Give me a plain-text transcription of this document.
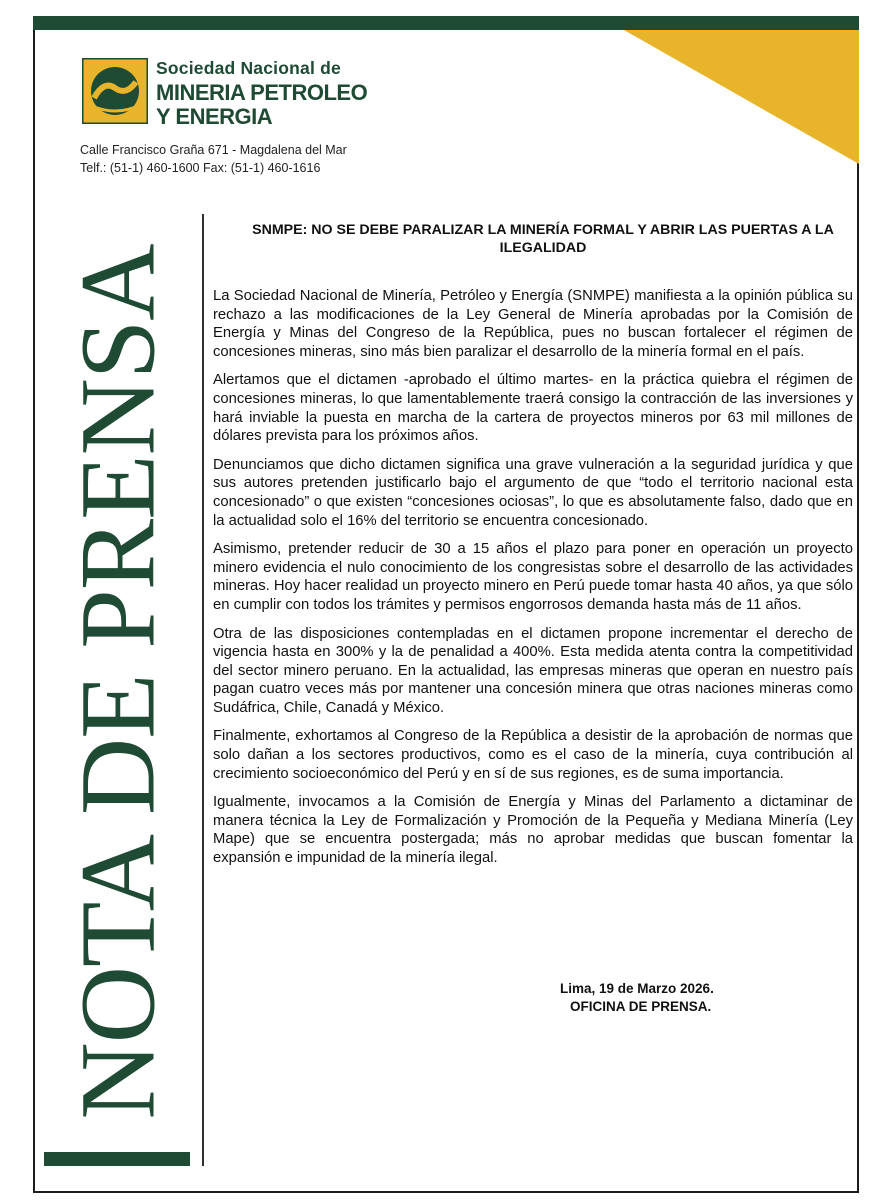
Sociedad Nacional de
MINERIA PETROLEO
Y ENERGIA
Calle Francisco Graña 671 - Magdalena del Mar
Telf.: (51-1) 460-1600 Fax: (51-1) 460-1616
NOTA DE PRENSA
SNMPE: NO SE DEBE PARALIZAR LA MINERÍA FORMAL Y ABRIR LAS PUERTAS A LA ILEGALIDAD

La Sociedad Nacional de Minería, Petróleo y Energía (SNMPE) manifiesta a la opinión pública su rechazo a las modificaciones de la Ley General de Minería aprobadas por la Comisión de Energía y Minas del Congreso de la República, pues no buscan fortalecer el régimen de concesiones mineras, sino más bien paralizar el desarrollo de la minería formal en el país.

Alertamos que el dictamen -aprobado el último martes- en la práctica quiebra el régimen de concesiones mineras, lo que lamentablemente traerá consigo la contracción de las inversiones y hará inviable la puesta en marcha de la cartera de proyectos mineros por 63 mil millones de dólares prevista para los próximos años.

Denunciamos que dicho dictamen significa una grave vulneración a la seguridad jurídica y que sus autores pretenden justificarlo bajo el argumento de que “todo el territorio nacional esta concesionado” o que existen “concesiones ociosas”, lo que es absolutamente falso, dado que en la actualidad solo el 16% del territorio se encuentra concesionado.

Asimismo, pretender reducir de 30 a 15 años el plazo para poner en operación un proyecto minero evidencia el nulo conocimiento de los congresistas sobre el desarrollo de las actividades mineras. Hoy hacer realidad un proyecto minero en Perú puede tomar hasta 40 años, ya que sólo en cumplir con todos los trámites y permisos engorrosos demanda hasta más de 11 años.

Otra de las disposiciones contempladas en el dictamen propone incrementar el derecho de vigencia hasta en 300% y la de penalidad a 400%. Esta medida atenta contra la competitividad del sector minero peruano. En la actualidad, las empresas mineras que operan en nuestro país pagan cuatro veces más por mantener una concesión minera que otras naciones mineras como Sudáfrica, Chile, Canadá y México.

Finalmente, exhortamos al Congreso de la República a desistir de la aprobación de normas que solo dañan a los sectores productivos, como es el caso de la minería, cuya contribución al crecimiento socioeconómico del Perú y en sí de sus regiones, es de suma importancia.

Igualmente, invocamos a la Comisión de Energía y Minas del Parlamento a dictaminar de manera técnica la Ley de Formalización y Promoción de la Pequeña y Mediana Minería (Ley Mape) que se encuentra postergada; más no aprobar medidas que buscan fomentar la expansión e impunidad de la minería ilegal.

Lima, 19 de Marzo 2026.
OFICINA DE PRENSA.
